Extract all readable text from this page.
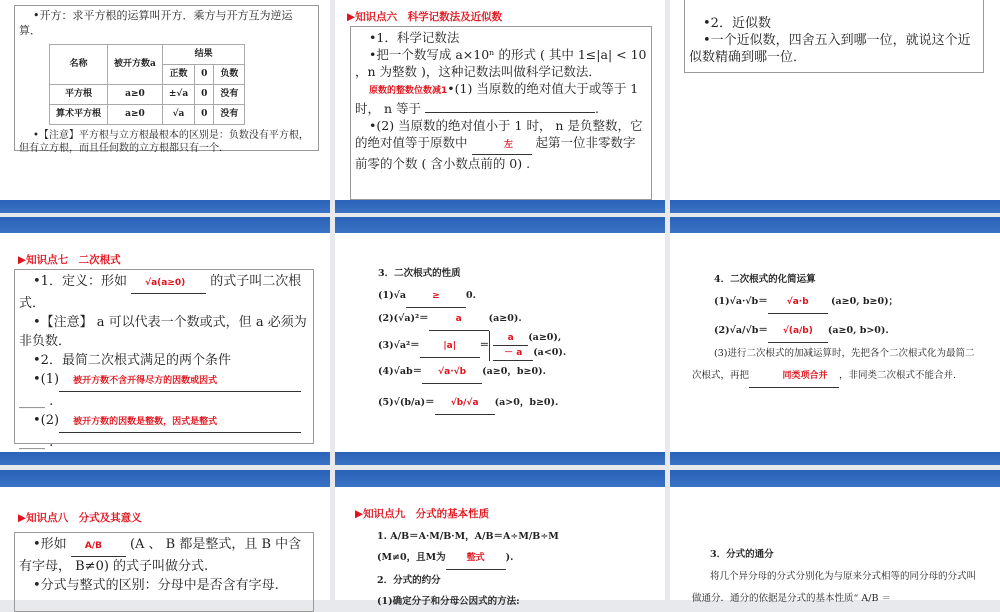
•开方：求平方根的运算叫开方．乘方与开方互为逆运算．

名称	被开方数a	结果		
		正数	0	负数
平方根	a≥0	±√a	0	没有
算术平方根	a≥0	√a	0	没有

•【注意】平方根与立方根最根本的区别是：负数没有平方根，但有立方根，而且任何数的立方根都只有一个．

▶知识点六　科学记数法及近似数

•1．科学记数法

•把一个数写成 a×10ⁿ 的形式 ( 其中 1≤|a| < 10 ，n 为整数 )，这种记数法叫做科学记数法．

原数的整数位数减1•(1) 当原数的绝对值大于或等于 1 时， n 等于	.

•(2) 当原数的绝对值小于 1 时， n 是负整数，它的绝对值等于原数中	左 起第一位非零数字前零的个数 ( 含小数点前的 0) .

•2．近似数

•一个近似数，四舍五入到哪一位，就说这个近似数精确到哪一位．

▶知识点七　二次根式

•1．定义：形如 √a(a≥0) 的式子叫二次根式．

•【注意】 a 可以代表一个数或式，但 a 必须为非负数．

•2．最简二次根式满足的两个条件

•(1) 被开方数不含开得尽方的因数或因式

____ .

•(2) 被开方数的因数是整数，因式是整式

____ .

3．二次根式的性质
(1)√a	≥	0.
(2)(√a)²＝	a	(a≥0).
(3)√a²＝	|a|	＝
a (a≥0),
－ a (a<0).
(4)√ab＝ √a·√b (a≥0，b≥0).
(5)√(b/a)＝ √b/√a (a>0，b≥0).
4．二次根式的化简运算
(1)√a·√b＝ √a·b (a≥0, b≥0)；
(2)√a/√b＝ √(a/b) (a≥0, b>0).
(3)进行二次根式的加减运算时，先把各个二次根式化为最简二次根式，再把	同类项合并 ，非同类二次根式不能合并.
▶知识点八　分式及其意义

•形如 A/B (A 、 B 都是整式，且 B 中含有字母， B≠0) 的式子叫做分式.

•分式与整式的区别：分母中是否含有字母.

▶知识点九　分式的基本性质
1. A/B＝A·M/B·M，A/B＝A÷M/B÷M
(M≠0，且M为 整式 ).
2．分式的约分
(1)确定分子和分母公因式的方法:
3．分式的通分
将几个异分母的分式分别化为与原来分式相等的同分母的分式叫做通分．通分的依据是分式的基本性质“ A/B ＝
